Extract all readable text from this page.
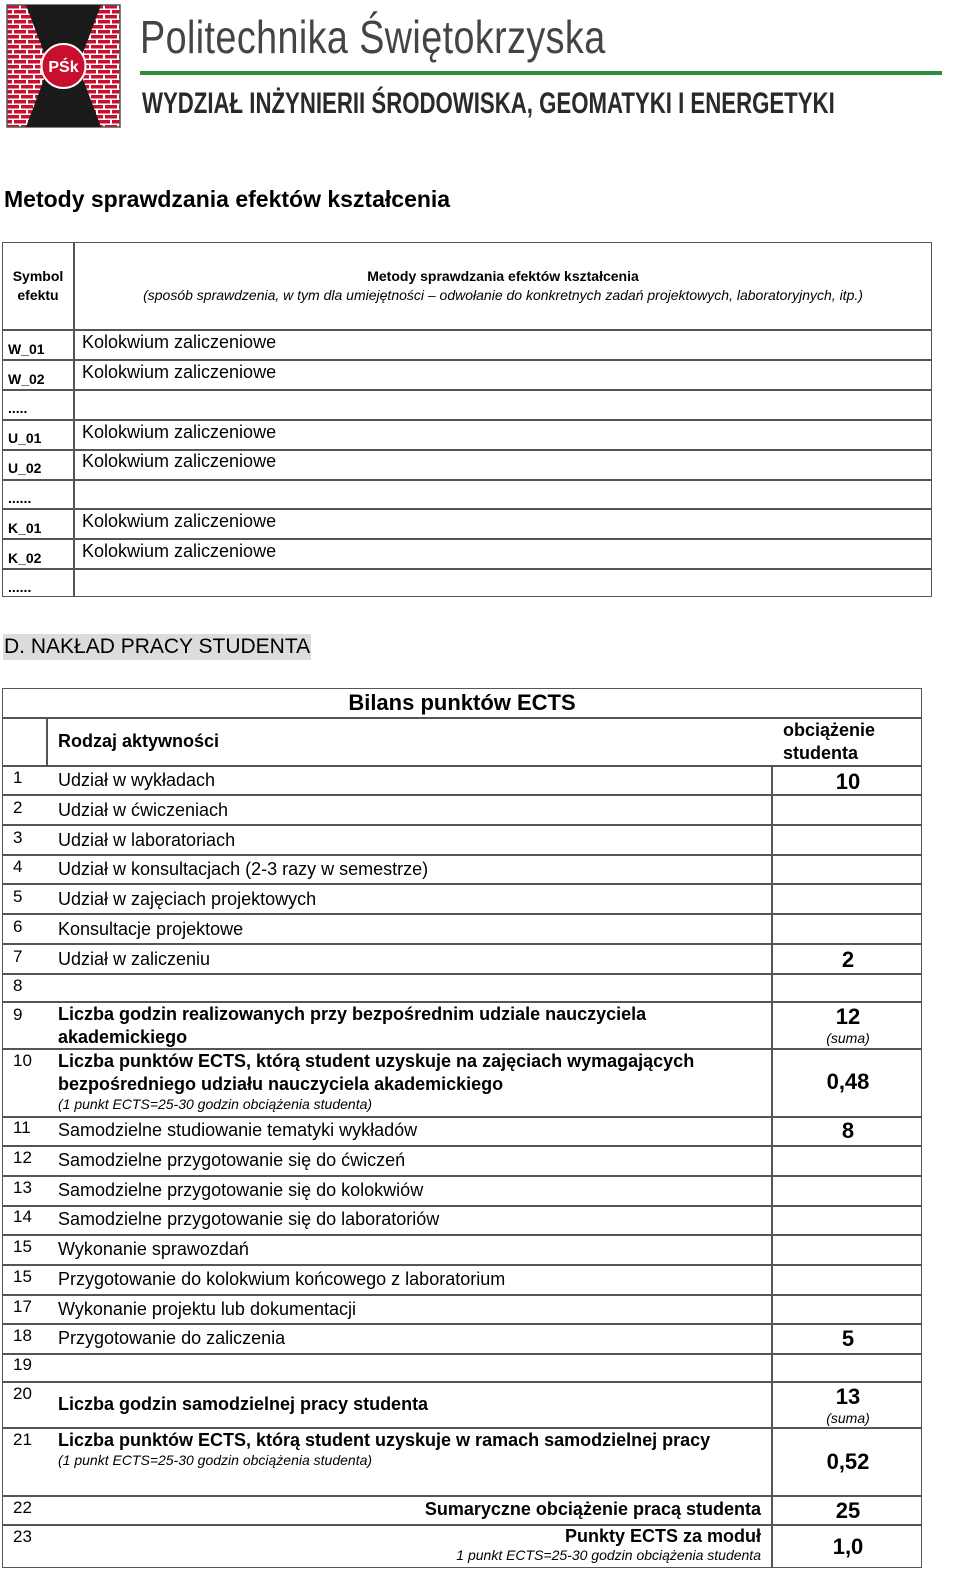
PŚk
Politechnika Świętokrzyska
WYDZIAŁ INŻYNIERII ŚRODOWISKA, GEOMATYKI I ENERGETYKI
Metody sprawdzania efektów kształcenia
Symbol efektu
Metody sprawdzania efektów kształcenia
(sposób sprawdzenia, w tym dla umiejętności – odwołanie do konkretnych zadań projektowych, laboratoryjnych, itp.)
W_01 Kolokwium zaliczeniowe
W_02 Kolokwium zaliczeniowe
.....
U_01 Kolokwium zaliczeniowe
U_02 Kolokwium zaliczeniowe
......
K_01 Kolokwium zaliczeniowe
K_02 Kolokwium zaliczeniowe
......
D. NAKŁAD PRACY STUDENTA
Bilans punktów ECTS
Rodzaj aktywności
obciążenie studenta
1 Udział w wykładach	10
2 Udział w ćwiczeniach
3 Udział w laboratoriach
4 Udział w konsultacjach (2-3 razy w semestrze)
5 Udział w zajęciach projektowych
6 Konsultacje projektowe
7 Udział w zaliczeniu	2
8
9 Liczba godzin realizowanych przy bezpośrednim udziale nauczyciela akademickiego
12
(suma)
10 Liczba punktów ECTS, którą student uzyskuje na zajęciach wymagających bezpośredniego udziału nauczyciela akademickiego
(1 punkt ECTS=25-30 godzin obciążenia studenta)
0,48
11 Samodzielne studiowanie tematyki wykładów	8
12 Samodzielne przygotowanie się do ćwiczeń
13 Samodzielne przygotowanie się do kolokwiów
14 Samodzielne przygotowanie się do laboratoriów
15 Wykonanie sprawozdań
15 Przygotowanie do kolokwium końcowego z laboratorium
17 Wykonanie projektu lub dokumentacji
18 Przygotowanie do zaliczenia	5
19
20
Liczba godzin samodzielnej pracy studenta	13
(suma)
21 Liczba punktów ECTS, którą student uzyskuje w ramach samodzielnej pracy
(1 punkt ECTS=25-30 godzin obciążenia studenta)	0,52
22	Sumaryczne obciążenie pracą studenta	25
23	Punkty ECTS za moduł
1 punkt ECTS=25-30 godzin obciążenia studenta	1,0
